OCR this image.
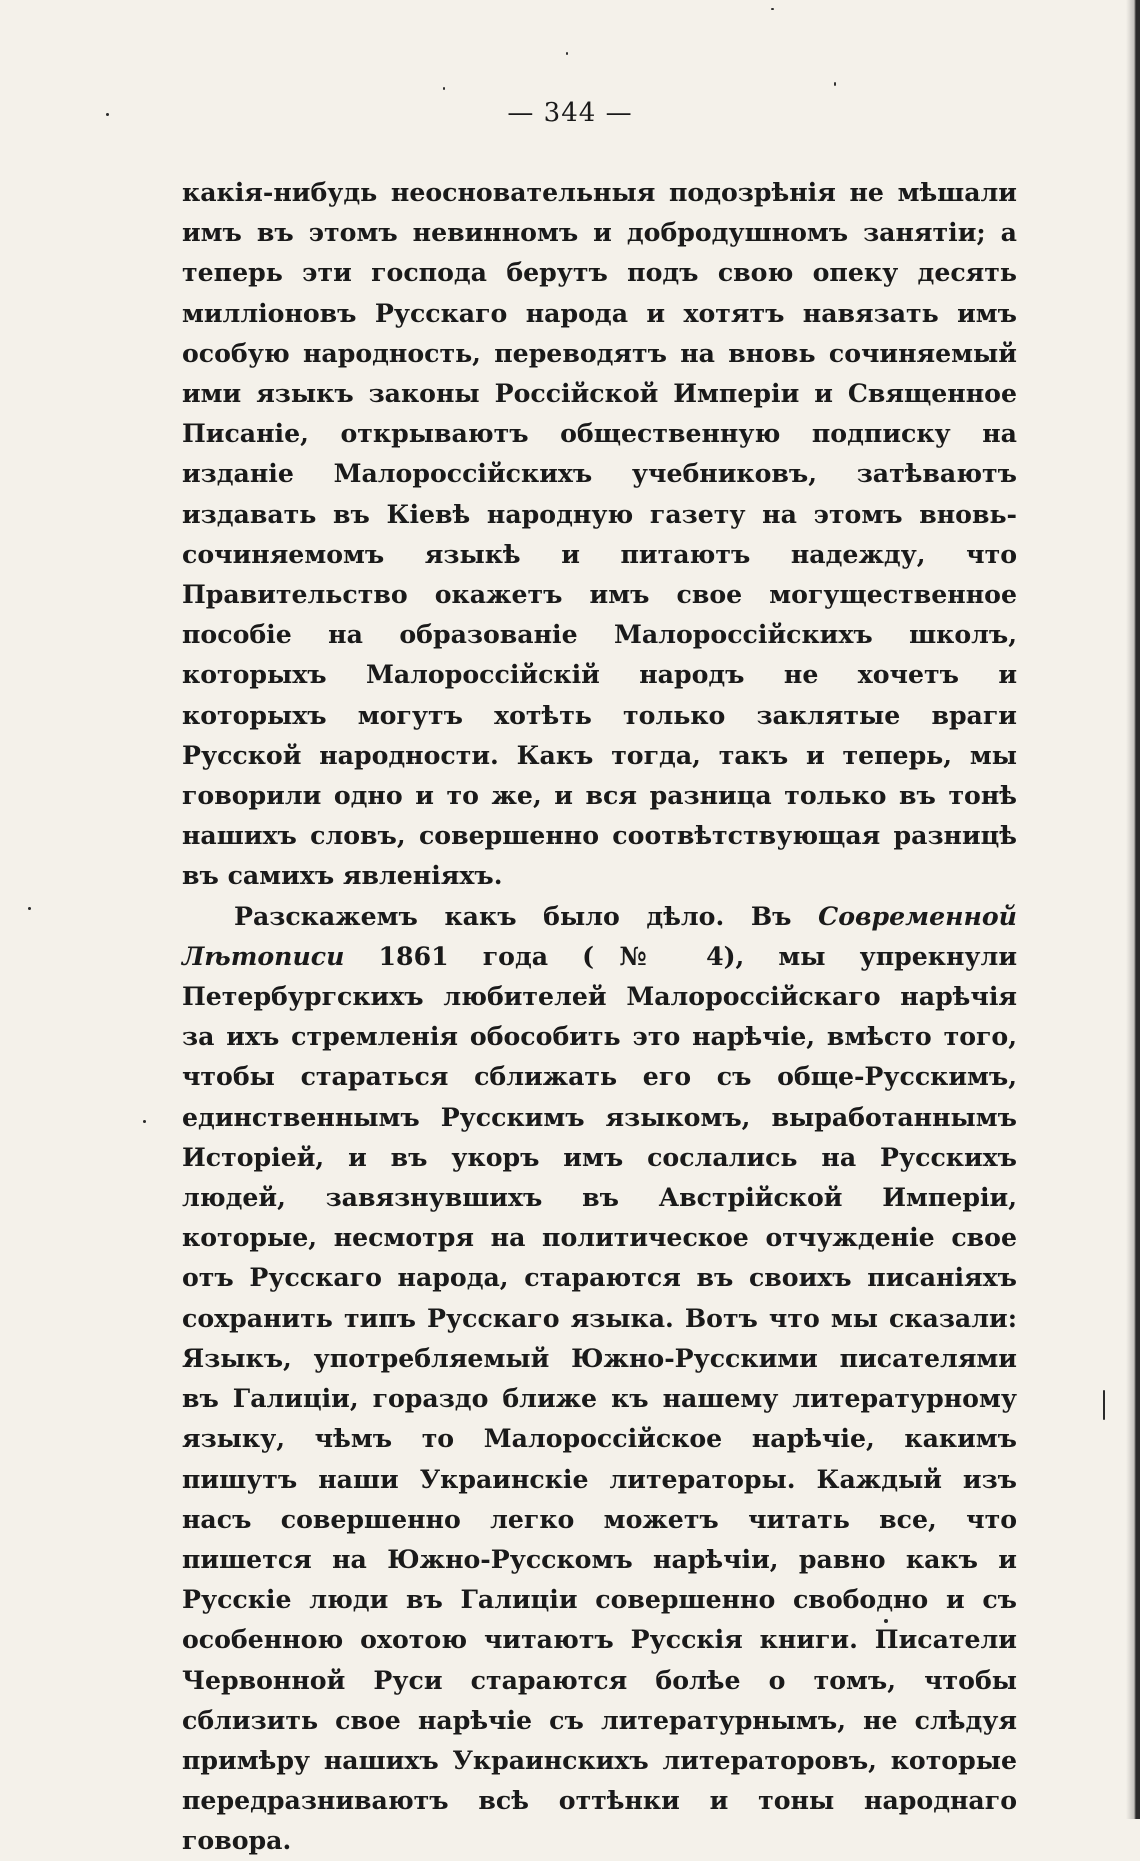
— 344 —

какія-нибудь неосновательныя подозрѣнія не мѣшали имъ въ этомъ невинномъ и добродушномъ занятіи; а теперь эти господа берутъ подъ свою опеку десять милліоновъ Русскаго народа и хотятъ навязать имъ особую народность, переводятъ на вновь сочиняемый ими языкъ законы Россійской Имперіи и Священное Писаніе, открываютъ общественную подписку на изданіе Малороссійскихъ учебниковъ, затѣваютъ издавать въ Кіевѣ народную газету на этомъ вновь-сочиняемомъ языкѣ и питаютъ надежду, что Правительство окажетъ имъ свое могущественное пособіе на образованіе Малороссійскихъ школъ, которыхъ Малороссійскій народъ не хочетъ и которыхъ могутъ хотѣть только заклятые враги Русской народности. Какъ тогда, такъ и теперь, мы говорили одно и то же, и вся разница только въ тонѣ нашихъ словъ, совершенно соотвѣтствующая разницѣ въ самихъ явленіяхъ.

Разскажемъ какъ было дѣло. Въ Современной Лѣтописи 1861 года (№ 4), мы упрекнули Петербургскихъ любителей Малороссійскаго нарѣчія за ихъ стремленія обособить это нарѣчіе, вмѣсто того, чтобы стараться сближать его съ обще-Русскимъ, единственнымъ Русскимъ языкомъ, выработаннымъ Исторіей, и въ укоръ имъ сослались на Русскихъ людей, завязнувшихъ въ Австрійской Имперіи, которые, несмотря на политическое отчужденіе свое отъ Русскаго народа, стараются въ своихъ писаніяхъ сохранить типъ Русскаго языка. Вотъ что мы сказали: Языкъ, употребляемый Южно-Русскими писателями въ Галиціи, гораздо ближе къ нашему литературному языку, чѣмъ то Малороссійское нарѣчіе, какимъ пишутъ наши Украинскіе литераторы. Каждый изъ насъ совершенно легко можетъ читать все, что пишется на Южно-Русскомъ нарѣчіи, равно какъ и Русскіе люди въ Галиціи совершенно свободно и съ особенною охотою читаютъ Русскія книги. Писатели Червонной Руси стараются болѣе о томъ, чтобы сблизить свое нарѣчіе съ литературнымъ, не слѣдуя примѣру нашихъ Украинскихъ литераторовъ, которые передразниваютъ всѣ оттѣнки и тоны народнаго говора.
